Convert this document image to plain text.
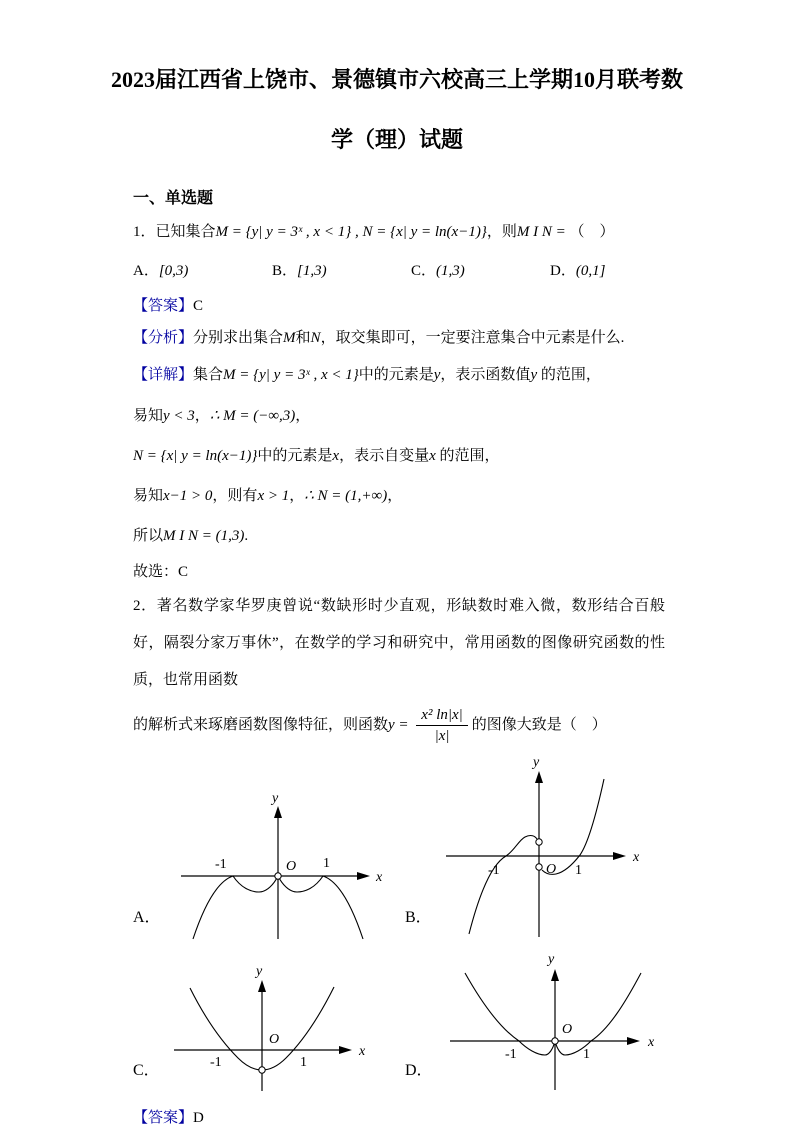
2023届江西省上饶市、景德镇市六校高三上学期10月联考数
学（理）试题
一、单选题
1．已知集合M = {y| y = 3ˣ , x < 1} , N = {x| y = ln(x−1)}，则M I N = （　）
A．[0,3)	B．[1,3)	C．(1,3)	D．(0,1]
【答案】C
【分析】分别求出集合M和N，取交集即可，一定要注意集合中元素是什么.
【详解】集合M = {y| y = 3ˣ , x < 1}中的元素是y，表示函数值y 的范围，
易知y < 3，∴ M = (−∞,3)，
N = {x| y = ln(x−1)}中的元素是x，表示自变量x 的范围，
易知x−1 > 0，则有x > 1，∴ N = (1,+∞)，
所以M I N = (1,3).
故选：C
2．著名数学家华罗庚曾说“数缺形时少直观，形缺数时难入微，数形结合百般好，隔裂分家万事休”，在数学的学习和研究中，常用函数的图像研究函数的性质，也常用函数
的解析式来琢磨函数图像特征，则函数$y = \frac{\text{x² ln|x|}}{|x|}$ 的图像大致是（　）
A．
-1	O 1
x
y
B．
-1	O 1
x
y
C．	-1
O
1
x
y
D．
-1
O
1
x
y
【答案】D
